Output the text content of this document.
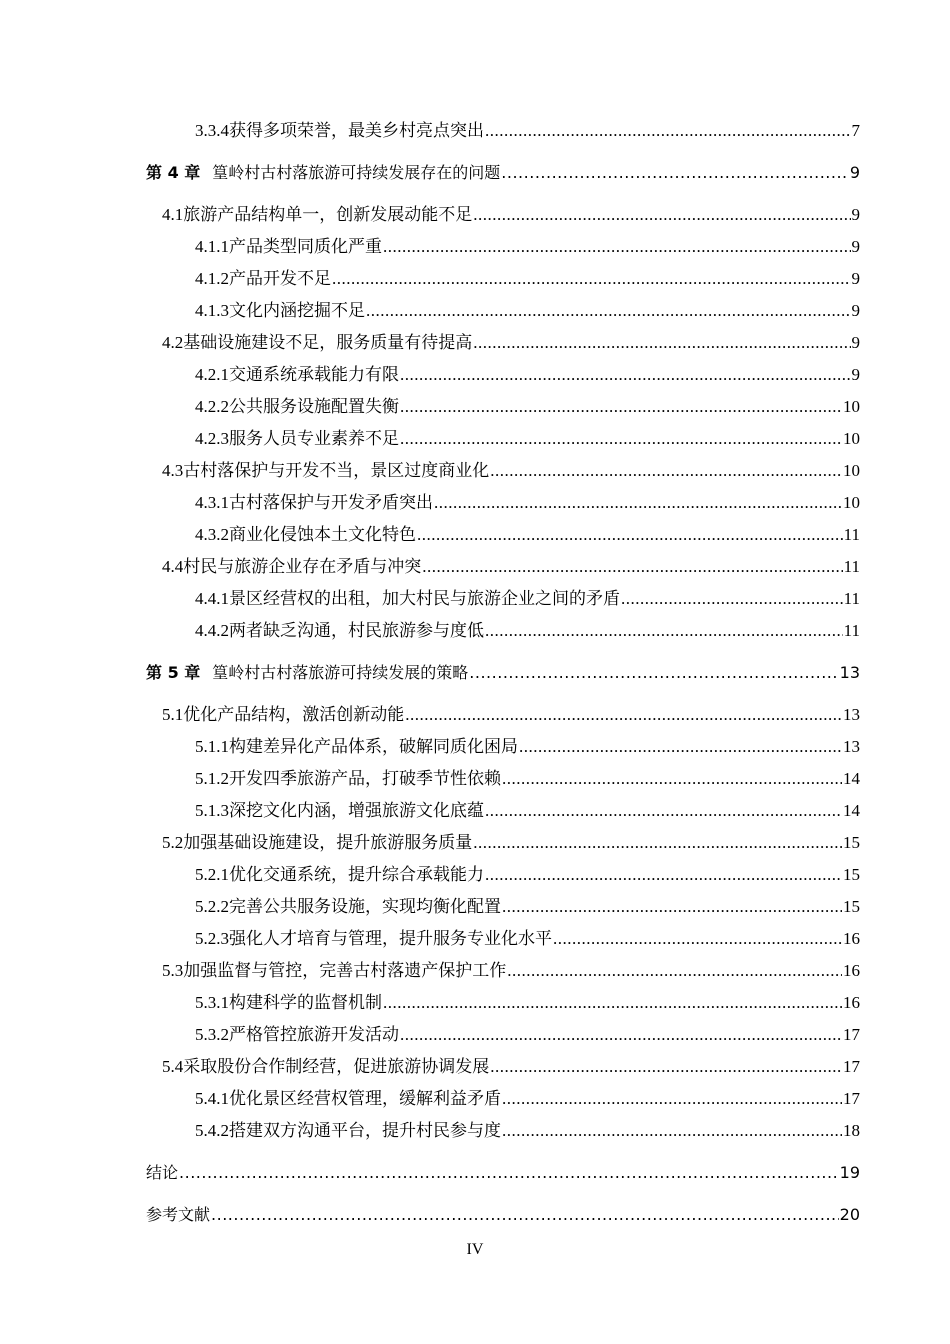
3.3.4 获得多项荣誉，最美乡村亮点突出 .....	7
第 4 章 篁岭村古村落旅游可持续发展存在的问题 .....	9
4.1 旅游产品结构单一，创新发展动能不足 .....	9
4.1.1 产品类型同质化严重 .....	9
4.1.2 产品开发不足 .....	9
4.1.3 文化内涵挖掘不足 .....	9
4.2 基础设施建设不足，服务质量有待提高 .....	9
4.2.1 交通系统承载能力有限 .....	9
4.2.2 公共服务设施配置失衡 .....	10
4.2.3 服务人员专业素养不足 .....	10
4.3 古村落保护与开发不当，景区过度商业化 .....	10
4.3.1 古村落保护与开发矛盾突出 .....	10
4.3.2 商业化侵蚀本土文化特色 .....	11
4.4 村民与旅游企业存在矛盾与冲突 .....	11
4.4.1 景区经营权的出租，加大村民与旅游企业之间的矛盾 .....	11
4.4.2 两者缺乏沟通，村民旅游参与度低 .....	11
第 5 章 篁岭村古村落旅游可持续发展的策略 .....	13
5.1 优化产品结构，激活创新动能 .....	13
5.1.1 构建差异化产品体系，破解同质化困局 .....	13
5.1.2 开发四季旅游产品，打破季节性依赖 .....	14
5.1.3 深挖文化内涵，增强旅游文化底蕴 .....	14
5.2 加强基础设施建设，提升旅游服务质量 .....	15
5.2.1 优化交通系统，提升综合承载能力 .....	15
5.2.2 完善公共服务设施，实现均衡化配置 .....	15
5.2.3 强化人才培育与管理，提升服务专业化水平 .....	16
5.3 加强监督与管控，完善古村落遗产保护工作 .....	16
5.3.1 构建科学的监督机制 .....	16
5.3.2 严格管控旅游开发活动 .....	17
5.4 采取股份合作制经营，促进旅游协调发展 .....	17
5.4.1 优化景区经营权管理，缓解利益矛盾 .....	17
5.4.2 搭建双方沟通平台，提升村民参与度 .....	18
结论 .....	19
参考文献 .....	20
IV
